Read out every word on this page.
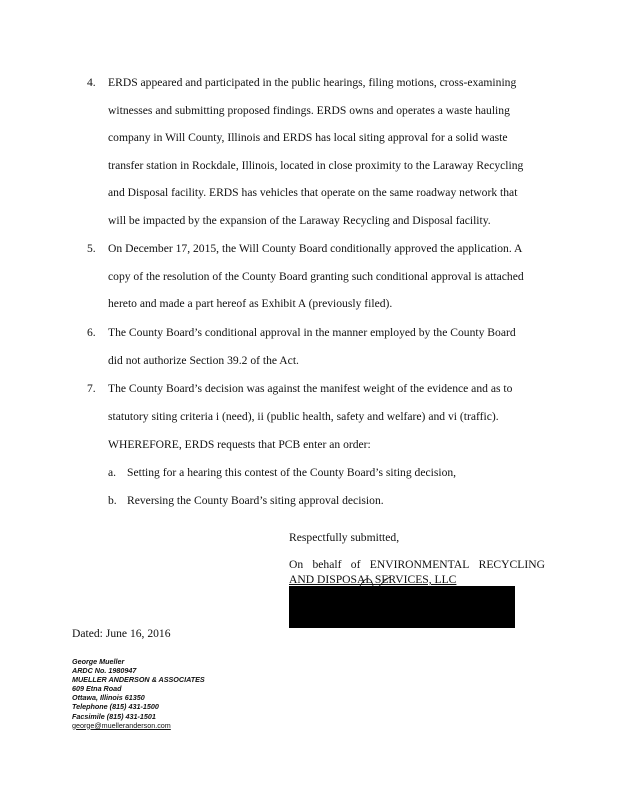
4. ERDS appeared and participated in the public hearings, filing motions, cross-examining
witnesses and submitting proposed findings. ERDS owns and operates a waste hauling
company in Will County, Illinois and ERDS has local siting approval for a solid waste
transfer station in Rockdale, Illinois, located in close proximity to the Laraway Recycling
and Disposal facility. ERDS has vehicles that operate on the same roadway network that
will be impacted by the expansion of the Laraway Recycling and Disposal facility.
5. On December 17, 2015, the Will County Board conditionally approved the application. A
copy of the resolution of the County Board granting such conditional approval is attached
hereto and made a part hereof as Exhibit A (previously filed).
6. The County Board’s conditional approval in the manner employed by the County Board
did not authorize Section 39.2 of the Act.
7. The County Board’s decision was against the manifest weight of the evidence and as to
statutory siting criteria i (need), ii (public health, safety and welfare) and vi (traffic).
WHEREFORE, ERDS requests that PCB enter an order:
a. Setting for a hearing this contest of the County Board’s siting decision,
b. Reversing the County Board’s siting approval decision.
Respectfully submitted,
On behalf of ENVIRONMENTAL RECYCLING
AND DISPOSAL SERVICES, LLC
Dated: June 16, 2016
George Mueller
ARDC No. 1980947
MUELLER ANDERSON & ASSOCIATES
609 Etna Road
Ottawa, Illinois 61350
Telephone (815) 431-1500
Facsimile (815) 431-1501
george@muelleranderson.com
